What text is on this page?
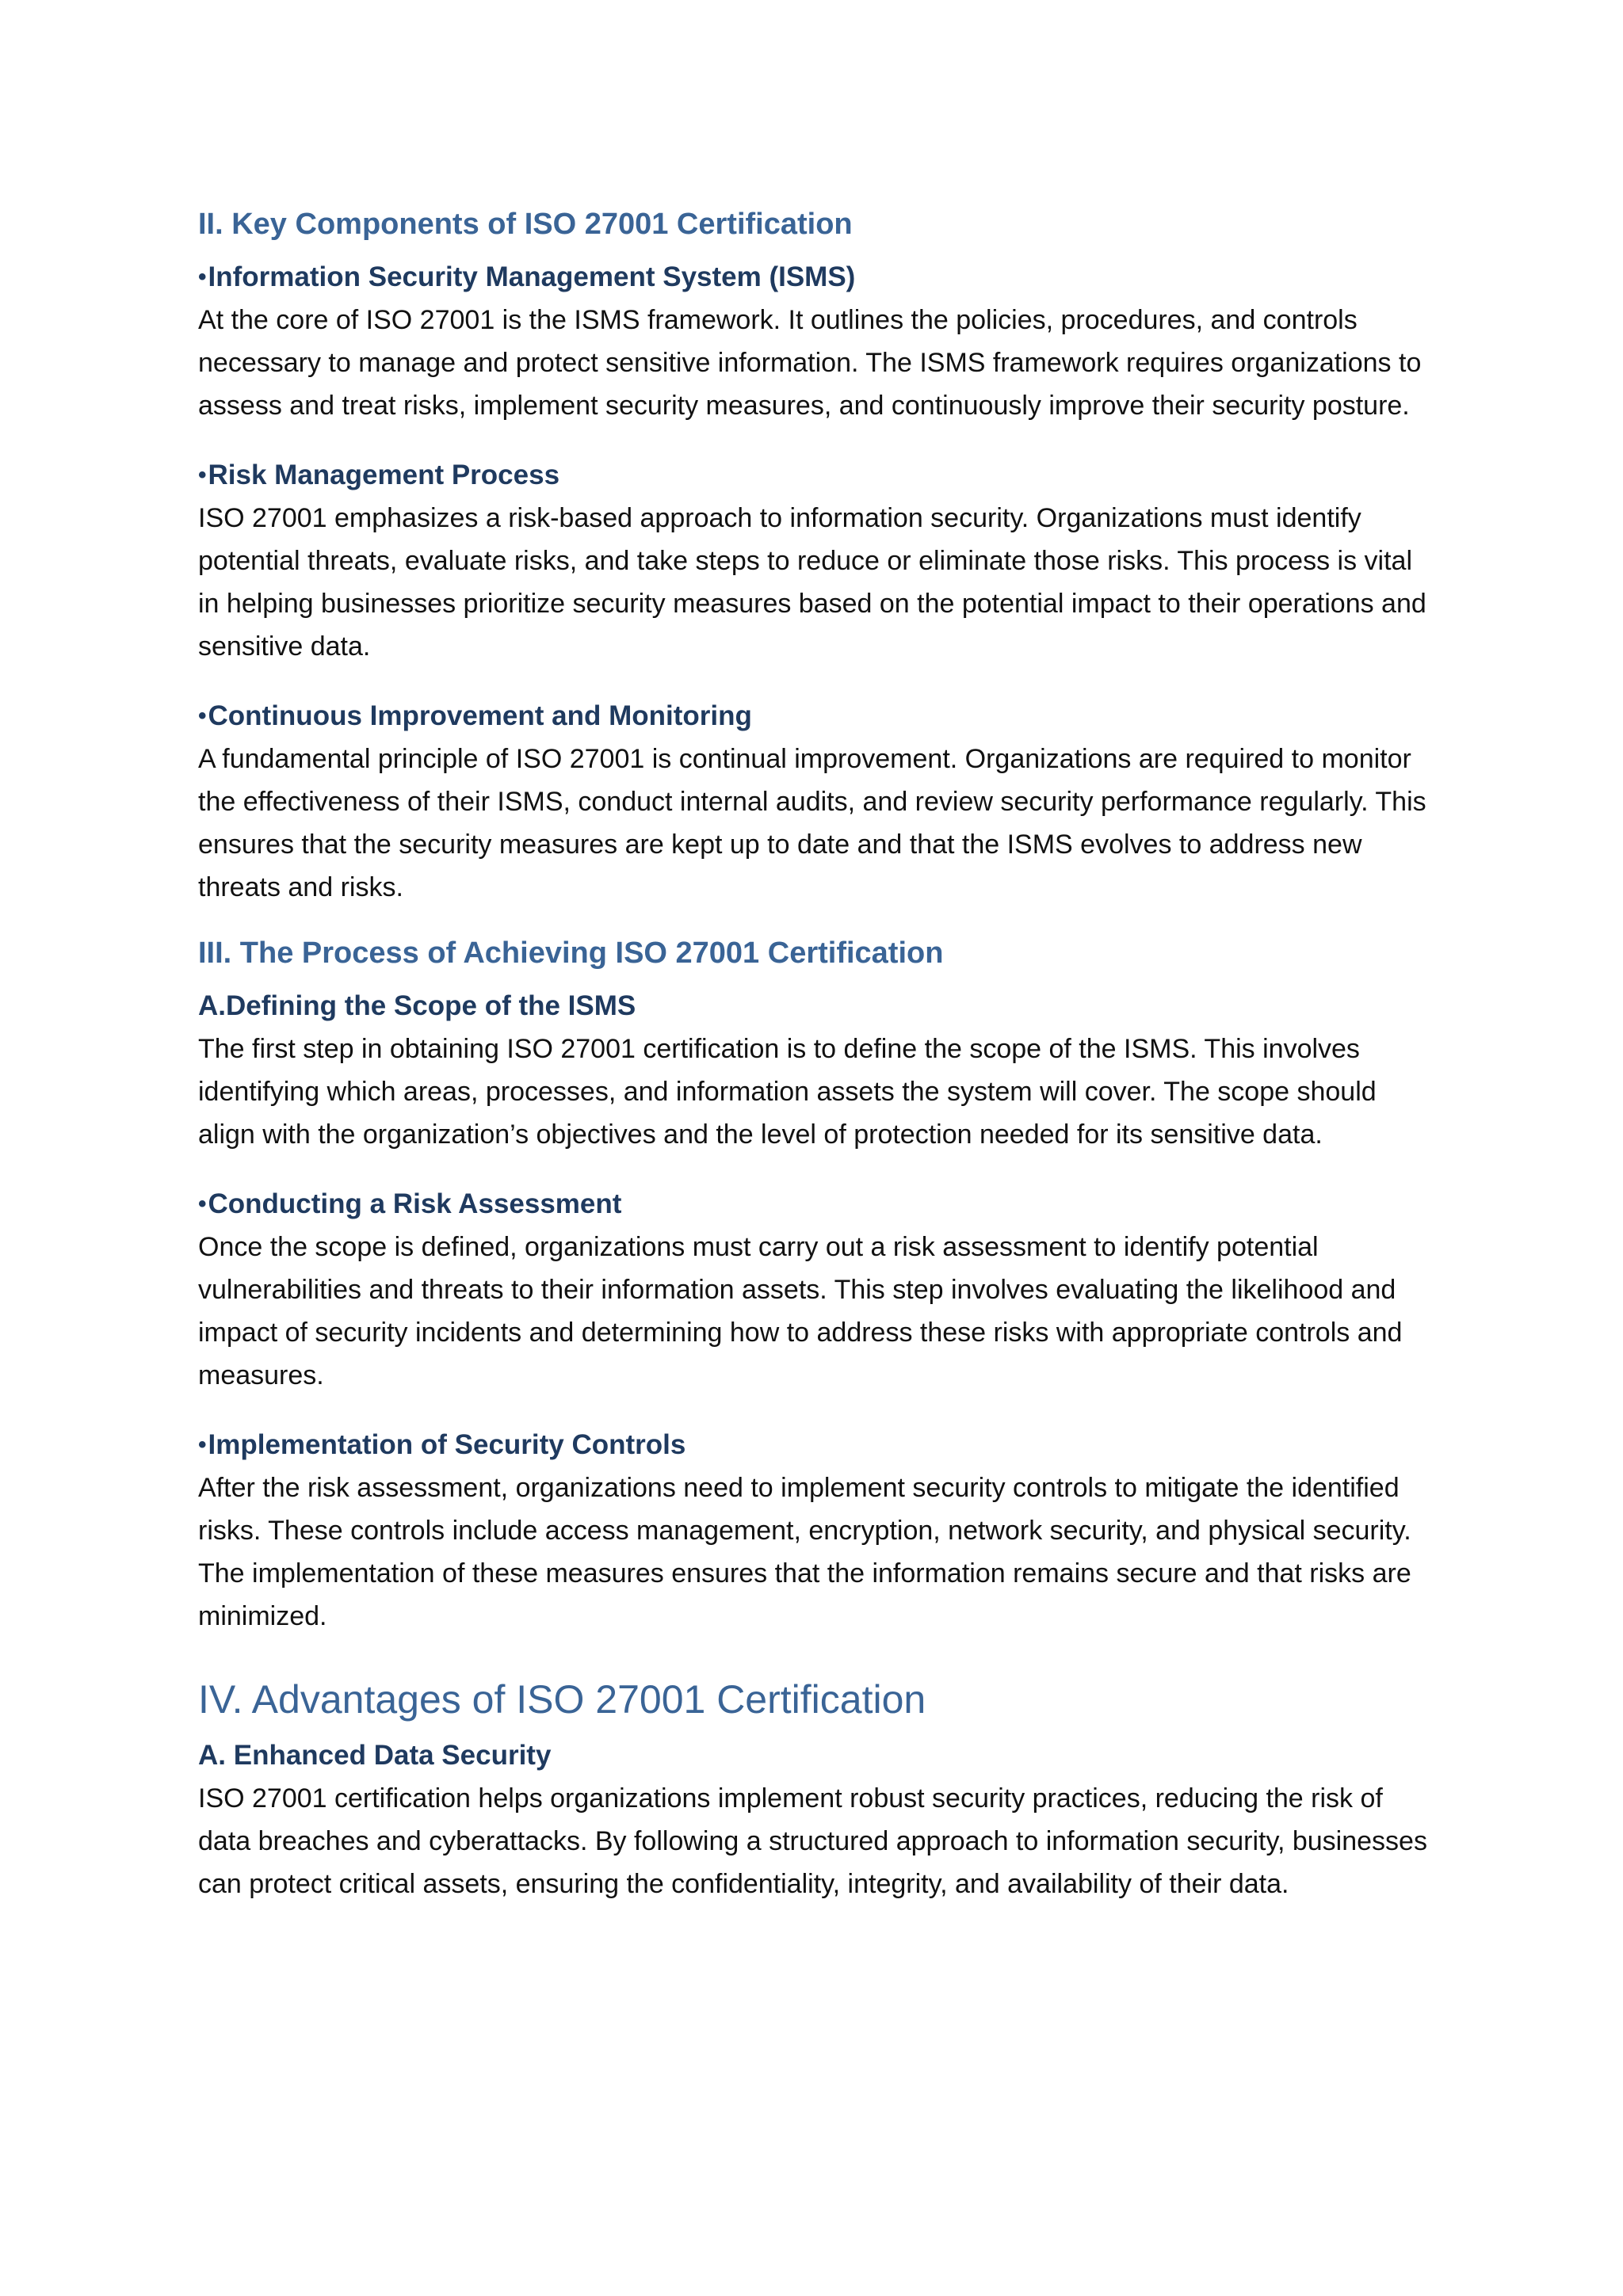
II. Key Components of ISO 27001 Certification
•Information Security Management System (ISMS)

At the core of ISO 27001 is the ISMS framework. It outlines the policies, procedures, and controls necessary to manage and protect sensitive information. The ISMS framework requires organizations to assess and treat risks, implement security measures, and continuously improve their security posture.

•Risk Management Process

ISO 27001 emphasizes a risk-based approach to information security. Organizations must identify potential threats, evaluate risks, and take steps to reduce or eliminate those risks. This process is vital in helping businesses prioritize security measures based on the potential impact to their operations and sensitive data.

•Continuous Improvement and Monitoring

A fundamental principle of ISO 27001 is continual improvement. Organizations are required to monitor the effectiveness of their ISMS, conduct internal audits, and review security performance regularly. This ensures that the security measures are kept up to date and that the ISMS evolves to address new threats and risks.

III. The Process of Achieving ISO 27001 Certification
A.Defining the Scope of the ISMS

The first step in obtaining ISO 27001 certification is to define the scope of the ISMS. This involves identifying which areas, processes, and information assets the system will cover. The scope should align with the organization’s objectives and the level of protection needed for its sensitive data.

•Conducting a Risk Assessment

Once the scope is defined, organizations must carry out a risk assessment to identify potential vulnerabilities and threats to their information assets. This step involves evaluating the likelihood and impact of security incidents and determining how to address these risks with appropriate controls and measures.

•Implementation of Security Controls

After the risk assessment, organizations need to implement security controls to mitigate the identified risks. These controls include access management, encryption, network security, and physical security. The implementation of these measures ensures that the information remains secure and that risks are minimized.

IV. Advantages of ISO 27001 Certification
A. Enhanced Data Security

ISO 27001 certification helps organizations implement robust security practices, reducing the risk of data breaches and cyberattacks. By following a structured approach to information security, businesses can protect critical assets, ensuring the confidentiality, integrity, and availability of their data.
